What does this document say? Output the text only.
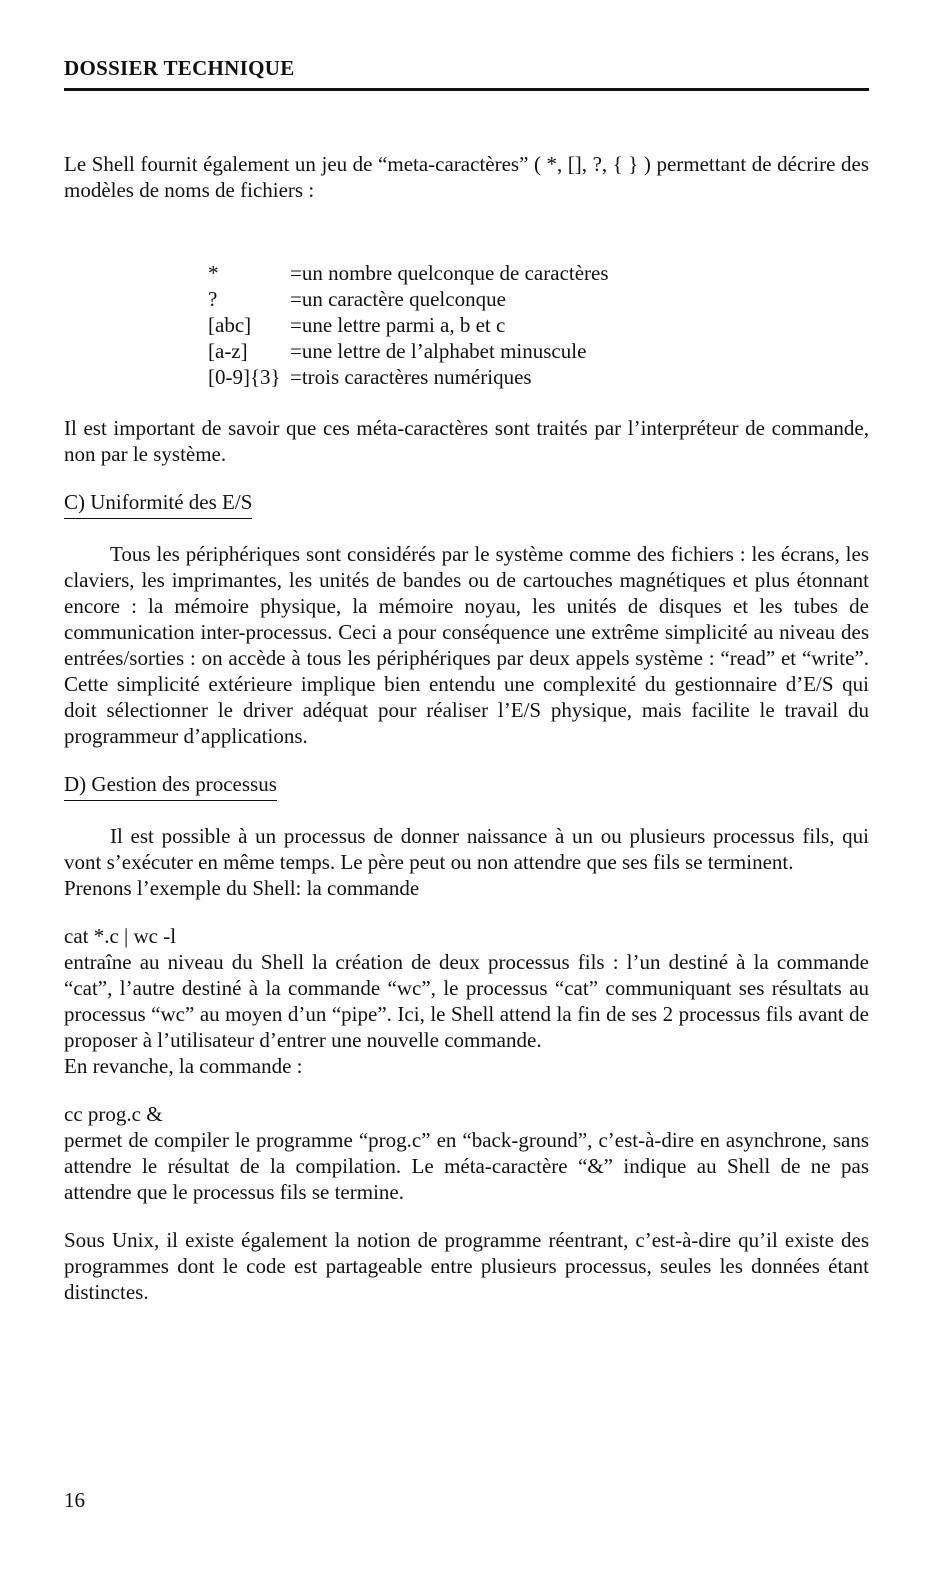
DOSSIER TECHNIQUE

Le Shell fournit également un jeu de “meta-caractères” ( *, [], ?, { } ) permettant de décrire des modèles de noms de fichiers :

*	=un nombre quelconque de caractères
?	=un caractère quelconque
[abc]	=une lettre parmi a, b et c
[a-z]	=une lettre de l’alphabet minuscule
[0-9]{3} =trois caractères numériques

Il est important de savoir que ces méta-caractères sont traités par l’interpréteur de commande, non par le système.

C) Uniformité des E/S

Tous les périphériques sont considérés par le système comme des fichiers : les écrans, les claviers, les imprimantes, les unités de bandes ou de cartouches magnétiques et plus étonnant encore : la mémoire physique, la mémoire noyau, les unités de disques et les tubes de communication inter-processus. Ceci a pour conséquence une extrême simplicité au niveau des entrées/sorties : on accède à tous les périphériques par deux appels système : “read” et “write”. Cette simplicité extérieure implique bien entendu une complexité du gestionnaire d’E/S qui doit sélectionner le driver adéquat pour réaliser l’E/S physique, mais facilite le travail du programmeur d’applications.

D) Gestion des processus

Il est possible à un processus de donner naissance à un ou plusieurs processus fils, qui vont s’exécuter en même temps. Le père peut ou non attendre que ses fils se terminent.

Prenons l’exemple du Shell: la commande

cat *.c | wc -l

entraîne au niveau du Shell la création de deux processus fils : l’un destiné à la commande “cat”, l’autre destiné à la commande “wc”, le processus “cat” communiquant ses résultats au processus “wc” au moyen d’un “pipe”. Ici, le Shell attend la fin de ses 2 processus fils avant de proposer à l’utilisateur d’entrer une nouvelle commande.

En revanche, la commande :

cc prog.c &

permet de compiler le programme “prog.c” en “back-ground”, c’est-à-dire en asynchrone, sans attendre le résultat de la compilation. Le méta-caractère “&” indique au Shell de ne pas attendre que le processus fils se termine.

Sous Unix, il existe également la notion de programme réentrant, c’est-à-dire qu’il existe des programmes dont le code est partageable entre plusieurs processus, seules les données étant distinctes.

16
